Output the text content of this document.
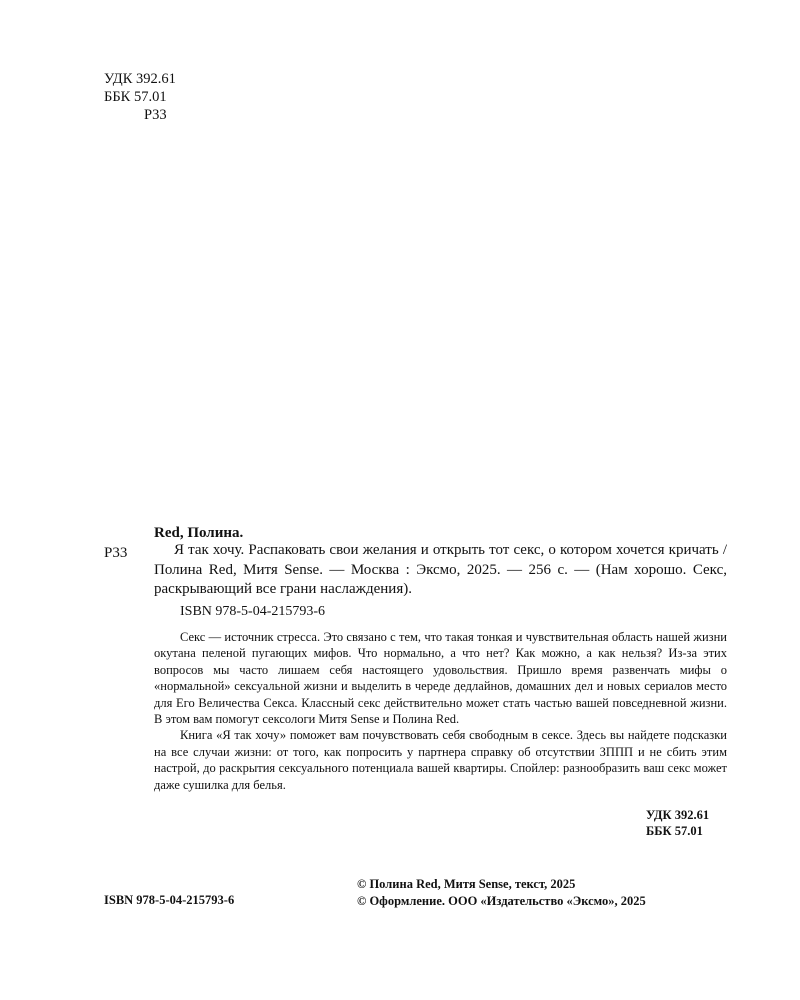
УДК 392.61
ББК 57.01
Р33
Red, Полина.
Р33	Я так хочу. Распаковать свои желания и открыть тот секс, о котором хочется кричать / Полина Red, Митя Sense. — Москва : Эксмо, 2025. — 256 с. — (Нам хорошо. Секс, раскрывающий все грани наслаждения).
ISBN 978-5-04-215793-6

Секс — источник стресса. Это связано с тем, что такая тонкая и чувствительная область нашей жизни окутана пеленой пугающих мифов. Что нормально, а что нет? Как можно, а как нельзя? Из-за этих вопросов мы часто лишаем себя настоящего удовольствия. Пришло время развенчать мифы о «нормальной» сексуальной жизни и выделить в череде дедлайнов, домашних дел и новых сериалов место для Его Величества Секса. Классный секс действительно может стать частью вашей повседневной жизни. В этом вам помогут сексологи Митя Sense и Полина Red.

Книга «Я так хочу» поможет вам почувствовать себя свободным в сексе. Здесь вы найдете подсказки на все случаи жизни: от того, как попросить у партнера справку об отсутствии ЗППП и не сбить этим настрой, до раскрытия сексуального потенциала вашей квартиры. Спойлер: разнообразить ваш секс может даже сушилка для белья.

УДК 392.61
ББК 57.01
ISBN 978-5-04-215793-6
© Полина Red, Митя Sense, текст, 2025
© Оформление. ООО «Издательство «Эксмо», 2025
